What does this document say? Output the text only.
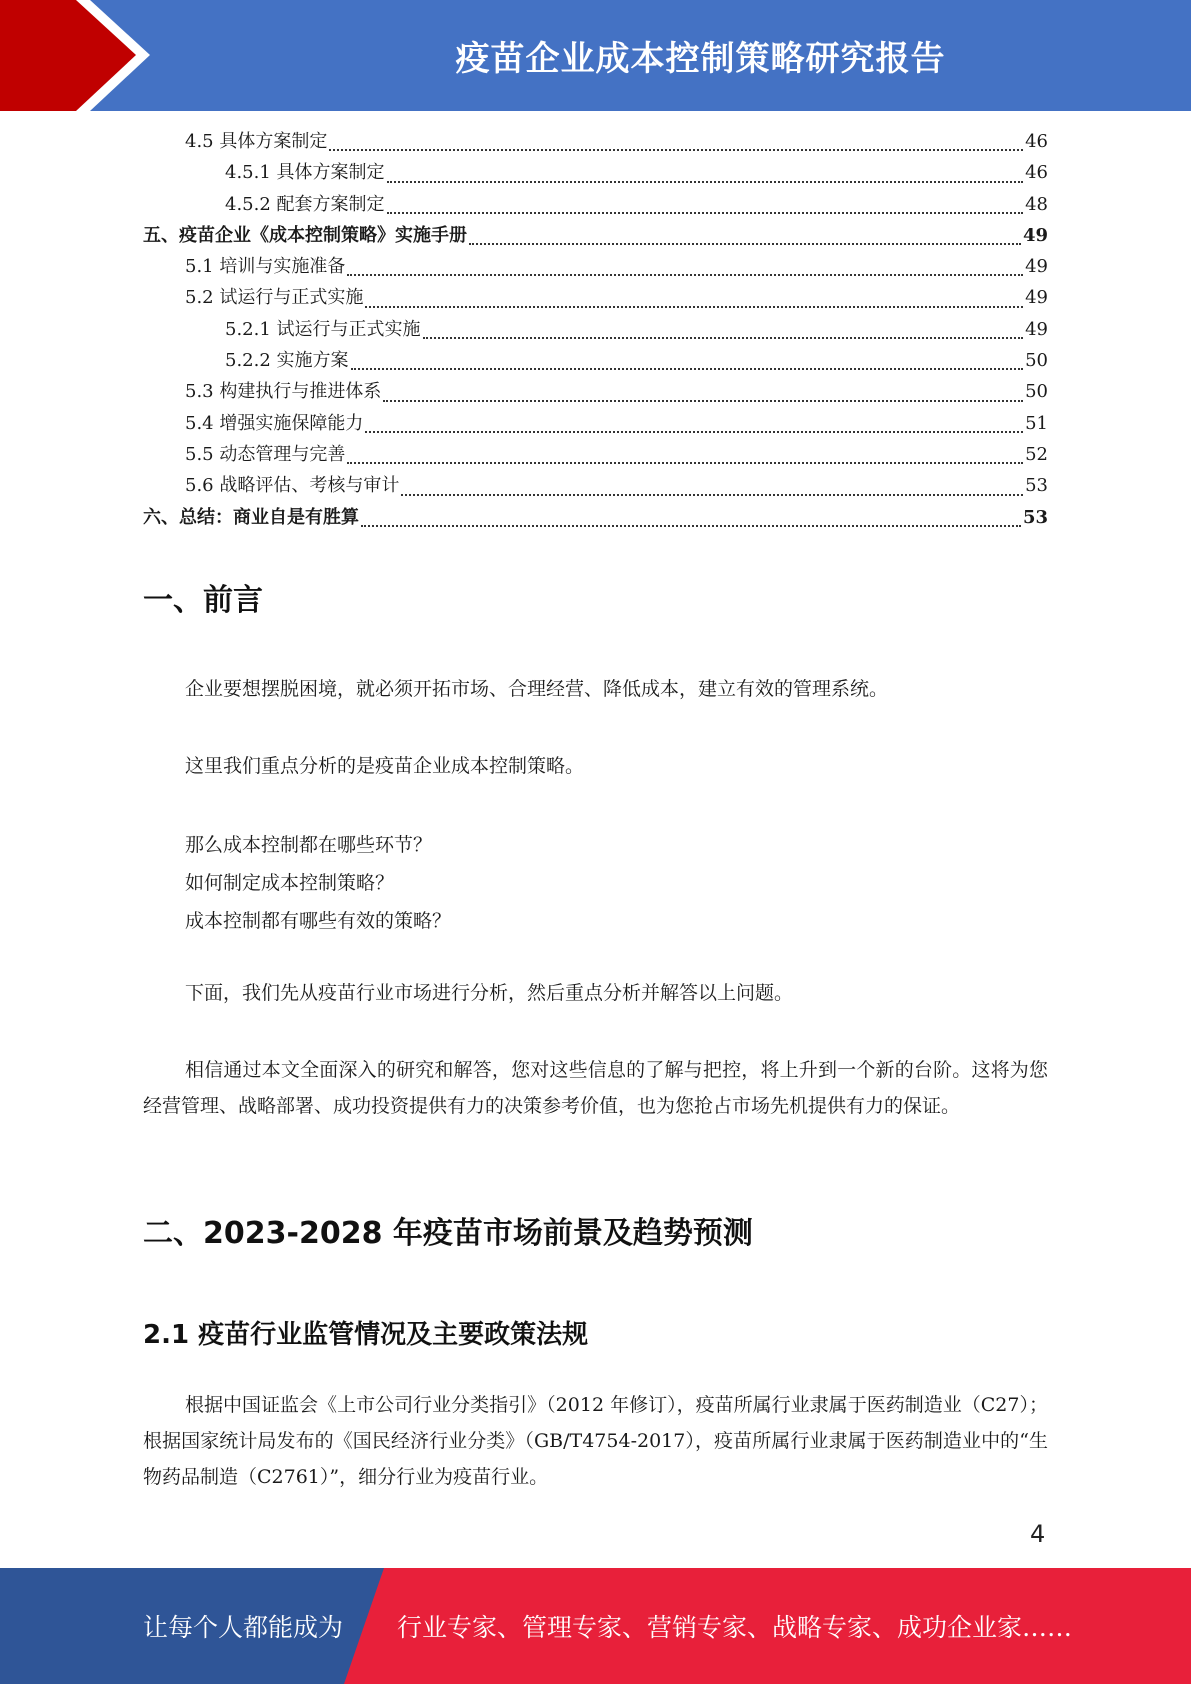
疫苗企业成本控制策略研究报告
4.5 具体方案制定	46
4.5.1 具体方案制定	46
4.5.2 配套方案制定	48
五、疫苗企业《成本控制策略》实施手册	49
5.1 培训与实施准备	49
5.2 试运行与正式实施	49
5.2.1 试运行与正式实施	49
5.2.2 实施方案	50
5.3 构建执行与推进体系	50
5.4 增强实施保障能力	51
5.5 动态管理与完善	52
5.6 战略评估、考核与审计	53
六、总结：商业自是有胜算	53
一、前言

企业要想摆脱困境，就必须开拓市场、合理经营、降低成本，建立有效的管理系统。

这里我们重点分析的是疫苗企业成本控制策略。

那么成本控制都在哪些环节？
如何制定成本控制策略？
成本控制都有哪些有效的策略？

下面，我们先从疫苗行业市场进行分析，然后重点分析并解答以上问题。

相信通过本文全面深入的研究和解答，您对这些信息的了解与把控，将上升到一个新的台阶。这将为您经营管理、战略部署、成功投资提供有力的决策参考价值，也为您抢占市场先机提供有力的保证。

二、2023-2028 年疫苗市场前景及趋势预测
2.1 疫苗行业监管情况及主要政策法规

根据中国证监会《上市公司行业分类指引》（2012 年修订），疫苗所属行业隶属于医药制造业（C27）；根据国家统计局发布的《国民经济行业分类》（GB/T4754-2017），疫苗所属行业隶属于医药制造业中的“生物药品制造（C2761）”，细分行业为疫苗行业。

4
让每个人都能成为 行业专家、管理专家、营销专家、战略专家、成功企业家……
